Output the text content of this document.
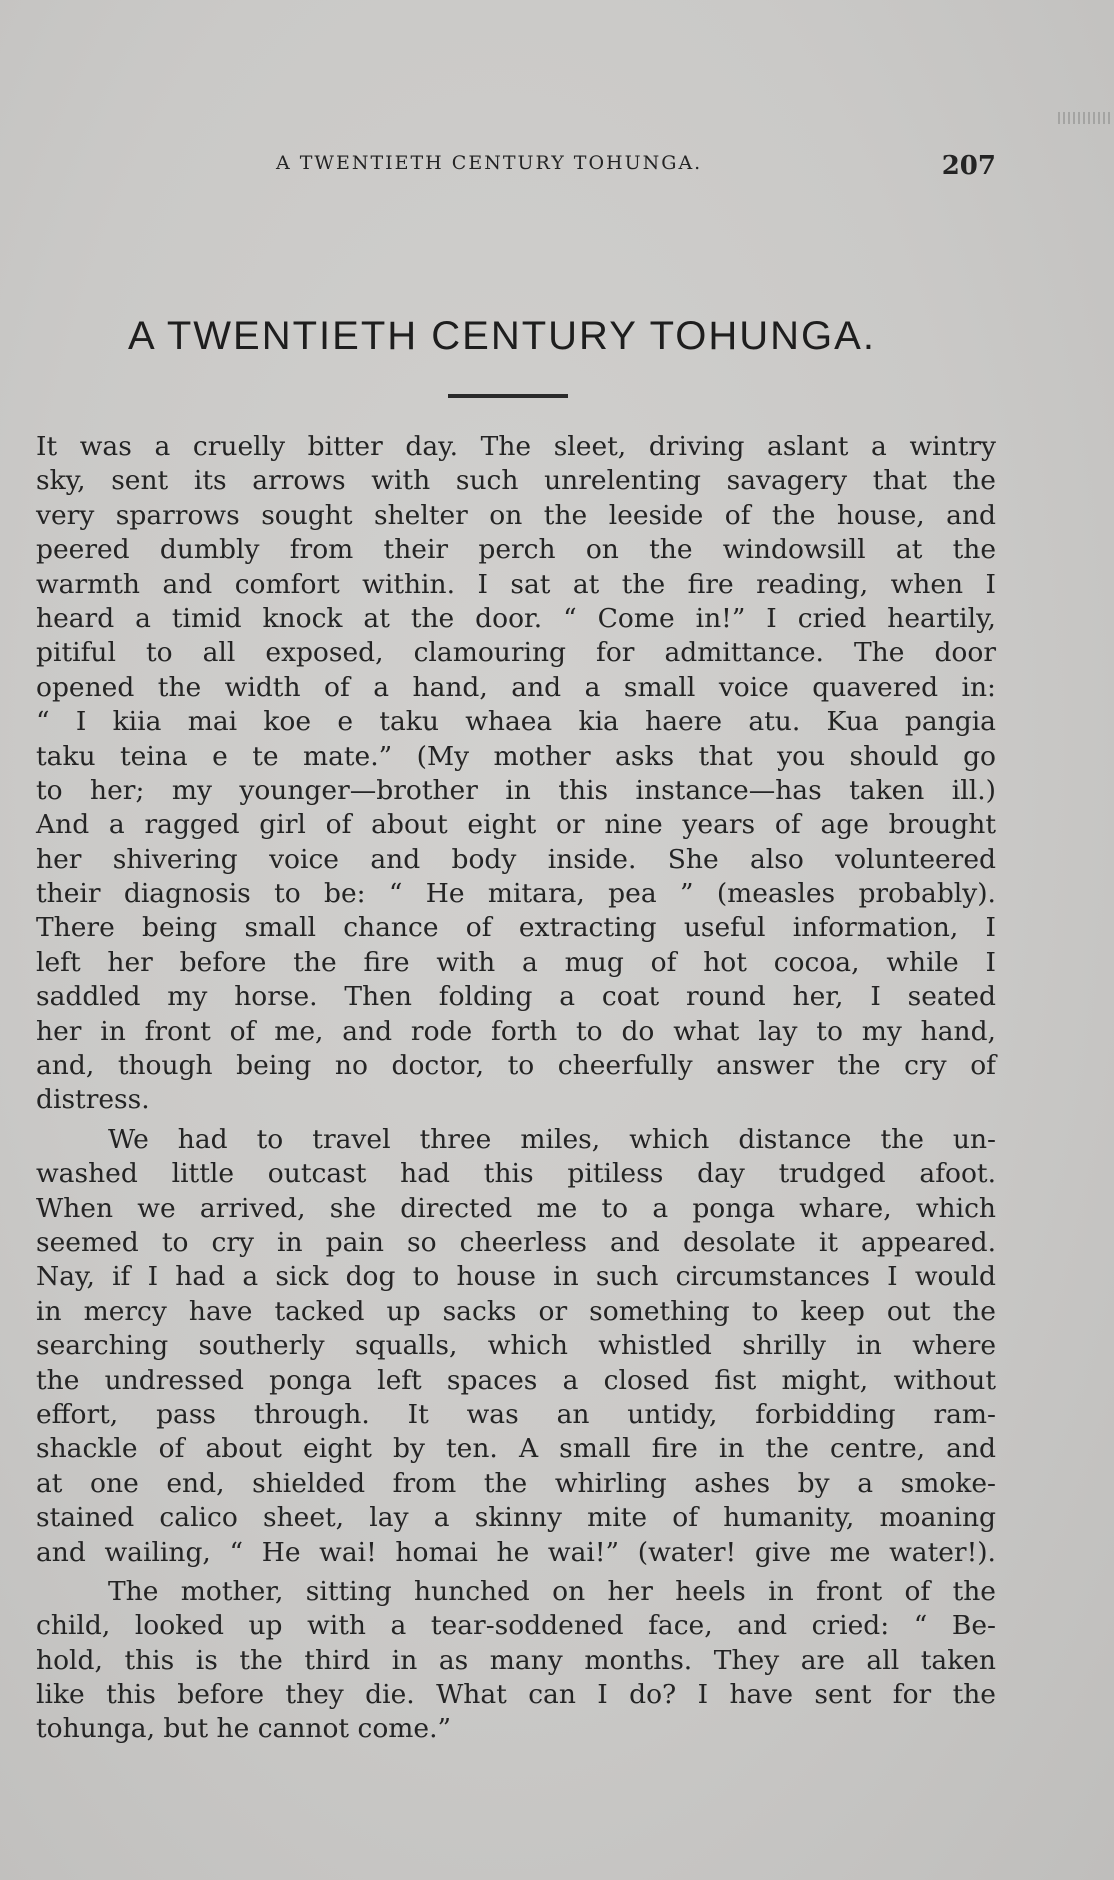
A TWENTIETH CENTURY TOHUNGA.	207
A TWENTIETH CENTURY TOHUNGA.
It was a cruelly bitter day. The sleet, driving aslant a wintry
sky, sent its arrows with such unrelenting savagery that the
very sparrows sought shelter on the leeside of the house, and
peered dumbly from their perch on the windowsill at the
warmth and comfort within. I sat at the fire reading, when I
heard a timid knock at the door. “ Come in!” I cried heartily,
pitiful to all exposed, clamouring for admittance. The door
opened the width of a hand, and a small voice quavered in:
“ I kiia mai koe e taku whaea kia haere atu. Kua pangia
taku teina e te mate.” (My mother asks that you should go
to her; my younger—brother in this instance—has taken ill.)
And a ragged girl of about eight or nine years of age brought
her shivering voice and body inside. She also volunteered
their diagnosis to be: “ He mitara, pea ” (measles probably).
There being small chance of extracting useful information, I
left her before the fire with a mug of hot cocoa, while I
saddled my horse. Then folding a coat round her, I seated
her in front of me, and rode forth to do what lay to my hand,
and, though being no doctor, to cheerfully answer the cry of
distress.
We had to travel three miles, which distance the un-
washed little outcast had this pitiless day trudged afoot.
When we arrived, she directed me to a ponga whare, which
seemed to cry in pain so cheerless and desolate it appeared.
Nay, if I had a sick dog to house in such circumstances I would
in mercy have tacked up sacks or something to keep out the
searching southerly squalls, which whistled shrilly in where
the undressed ponga left spaces a closed fist might, without
effort, pass through. It was an untidy, forbidding ram-
shackle of about eight by ten. A small fire in the centre, and
at one end, shielded from the whirling ashes by a smoke-
stained calico sheet, lay a skinny mite of humanity, moaning
and wailing, “ He wai! homai he wai!” (water! give me water!).
The mother, sitting hunched on her heels in front of the
child, looked up with a tear-soddened face, and cried: “ Be-
hold, this is the third in as many months. They are all taken
like this before they die. What can I do? I have sent for the
tohunga, but he cannot come.”
